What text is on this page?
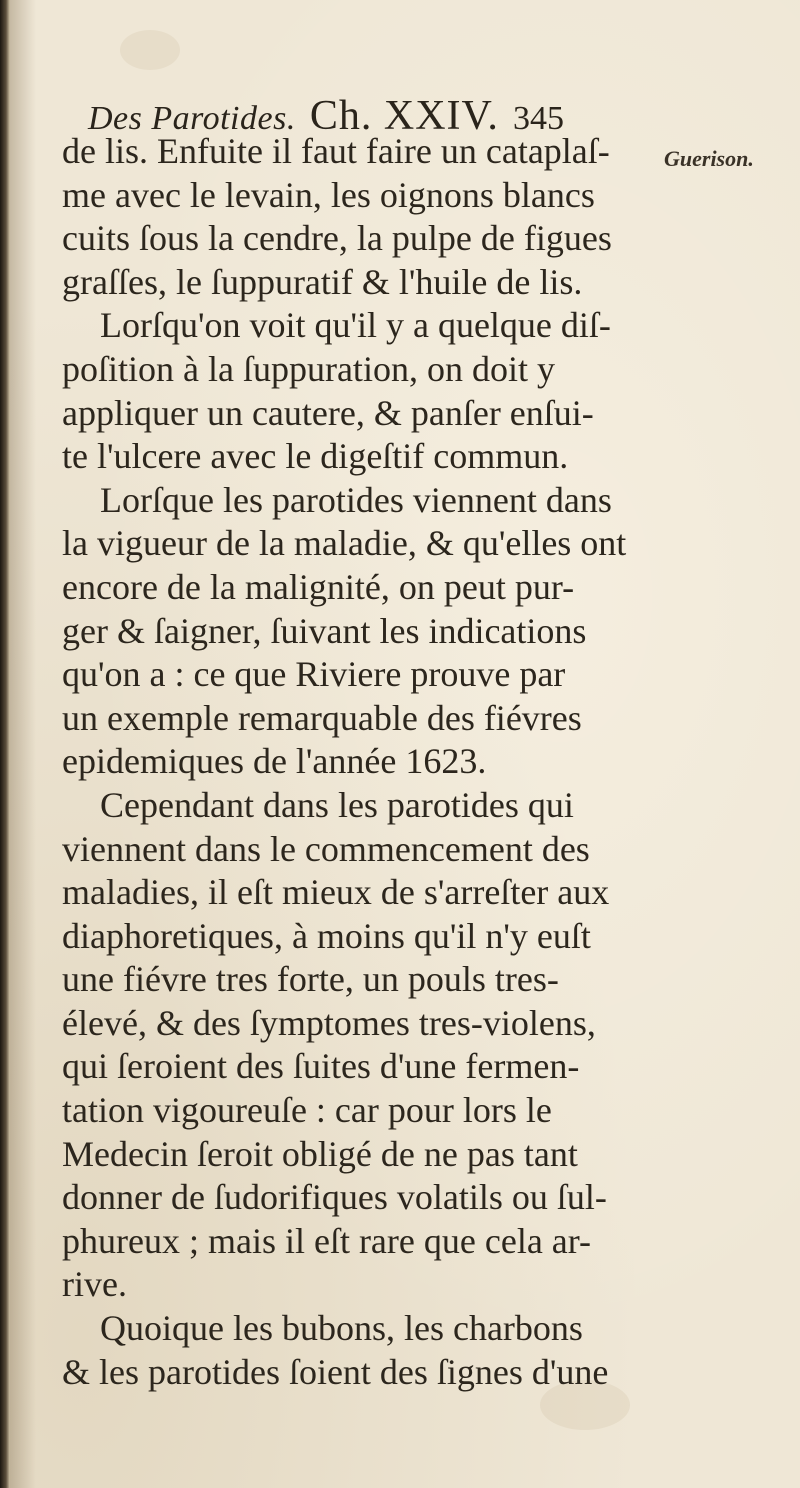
Des Parotides. Ch. XXIV. 345
Guerison.
de lis. Enfuite il faut faire un cataplaſ-
me avec le levain, les oignons blancs
cuits ſous la cendre, la pulpe de figues
graſſes, le ſuppuratif & l'huile de lis.
Lorſqu'on voit qu'il y a quelque diſ-
poſition à la ſuppuration, on doit y
appliquer un cautere, & panſer enſui-
te l'ulcere avec le digeſtif commun.
Lorſque les parotides viennent dans
la vigueur de la maladie, & qu'elles ont
encore de la malignité, on peut pur-
ger & ſaigner, ſuivant les indications
qu'on a : ce que Riviere prouve par
un exemple remarquable des fiévres
epidemiques de l'année 1623.
Cependant dans les parotides qui
viennent dans le commencement des
maladies, il eſt mieux de s'arreſter aux
diaphoretiques, à moins qu'il n'y euſt
une fiévre tres forte, un pouls tres-
élevé, & des ſymptomes tres-violens,
qui ſeroient des ſuites d'une fermen-
tation vigoureuſe : car pour lors le
Medecin ſeroit obligé de ne pas tant
donner de ſudorifiques volatils ou ſul-
phureux ; mais il eſt rare que cela ar-
rive.
Quoique les bubons, les charbons
& les parotides ſoient des ſignes d'une
